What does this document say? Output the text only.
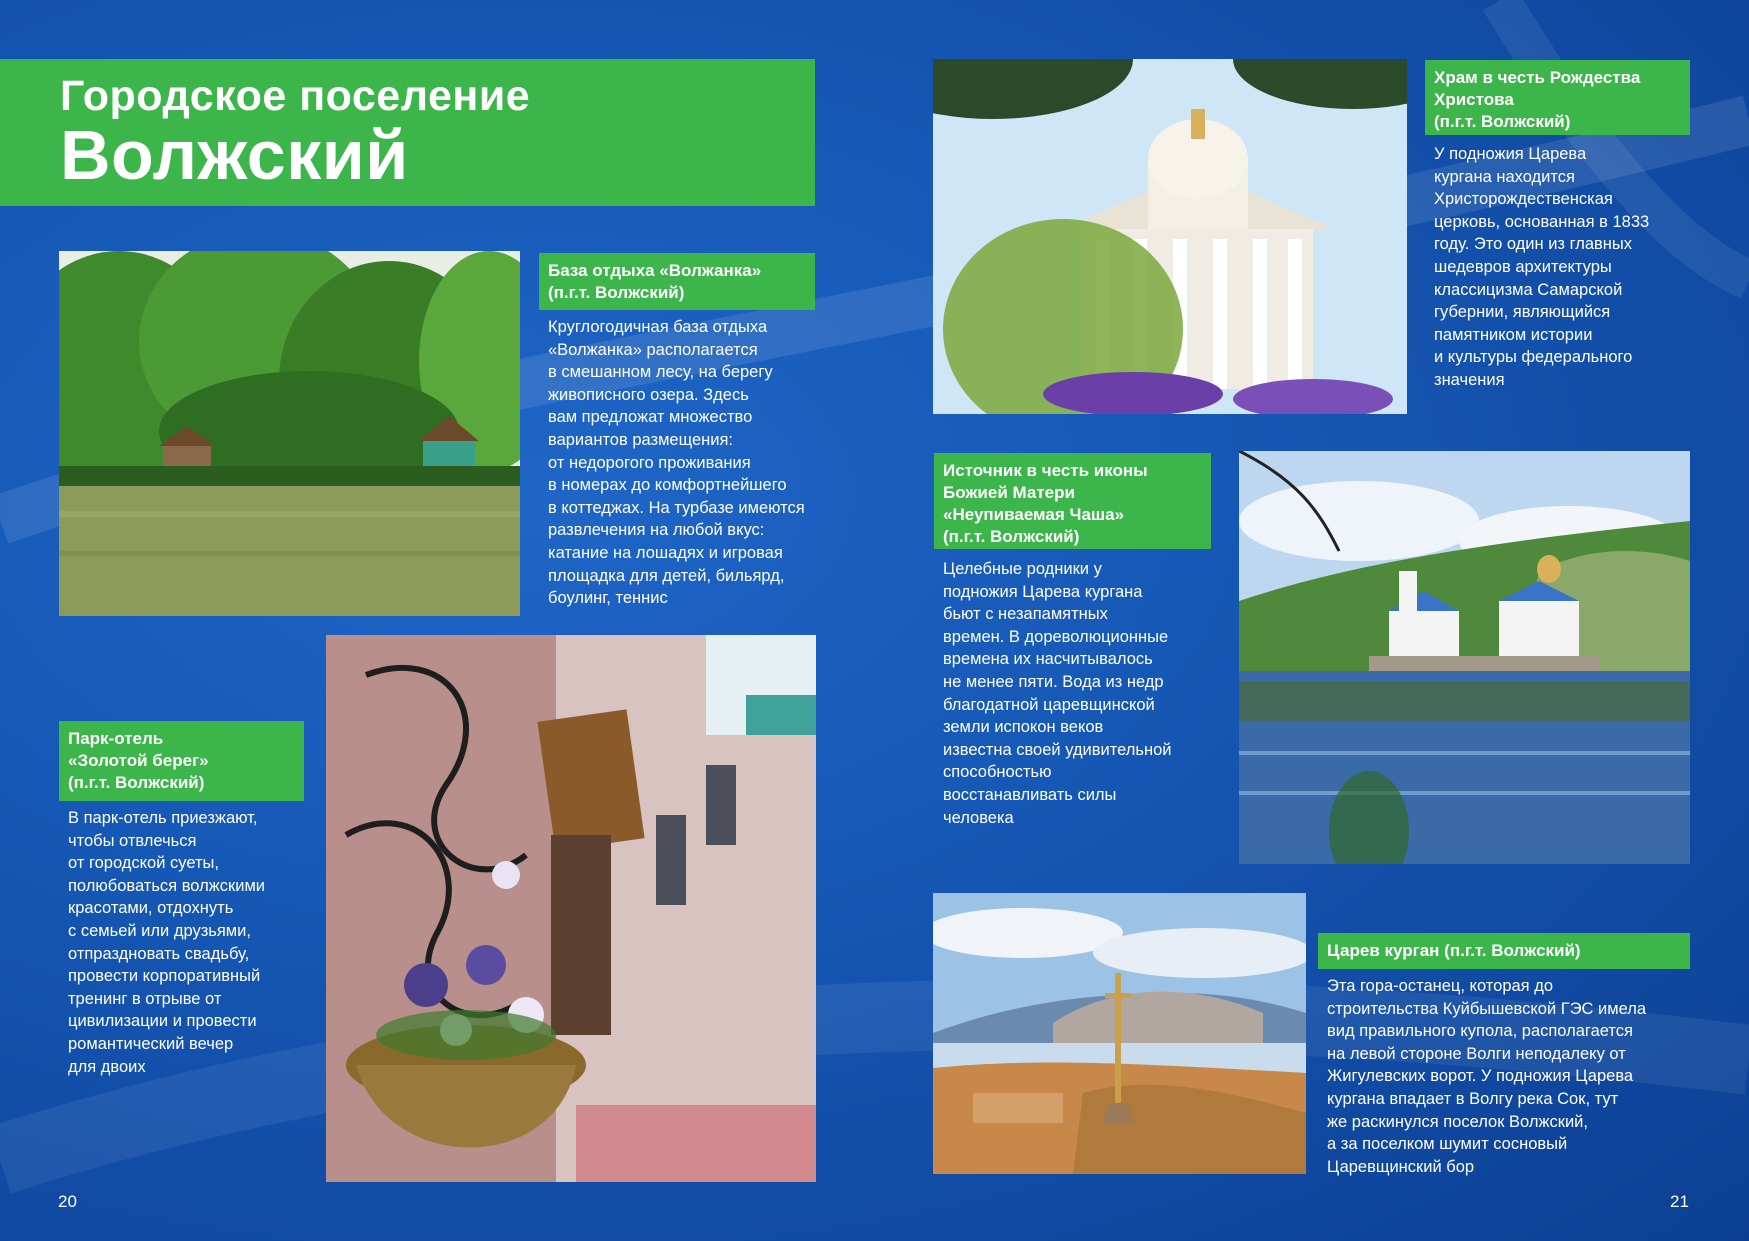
Городское поселение
Волжский
База отдыха «Волжанка»
(п.г.т. Волжский)
Круглогодичная база отдыха
«Волжанка» располагается
в смешанном лесу, на берегу
живописного озера. Здесь
вам предложат множество
вариантов размещения:
от недорогого проживания
в номерах до комфортнейшего
в коттеджах. На турбазе имеются
развлечения на любой вкус:
катание на лошадях и игровая
площадка для детей, бильярд,
боулинг, теннис
Парк-отель
«Золотой берег»
(п.г.т. Волжский)
В парк-отель приезжают,
чтобы отвлечься
от городской суеты,
полюбоваться волжскими
красотами, отдохнуть
с семьей или друзьями,
отпраздновать свадьбу,
провести корпоративный
тренинг в отрыве от
цивилизации и провести
романтический вечер
для двоих
Храм в честь Рождества
Христова
(п.г.т. Волжский)
У подножия Царева
кургана находится
Христорождественская
церковь, основанная в 1833
году. Это один из главных
шедевров архитектуры
классицизма Самарской
губернии, являющийся
памятником истории
и культуры федерального
значения
Источник в честь иконы
Божией Матери
«Неупиваемая Чаша»
(п.г.т. Волжский)
Целебные родники у
подножия Царева кургана
бьют с незапамятных
времен. В дореволюционные
времена их насчитывалось
не менее пяти. Вода из недр
благодатной царевщинской
земли испокон веков
известна своей удивительной
способностью
восстанавливать силы
человека
Царев курган (п.г.т. Волжский)
Эта гора-останец, которая до
строительства Куйбышевской ГЭС имела
вид правильного купола, располагается
на левой стороне Волги неподалеку от
Жигулевских ворот. У подножия Царева
кургана впадает в Волгу река Сок, тут
же раскинулся поселок Волжский,
а за поселком шумит сосновый
Царевщинский бор
20	21
